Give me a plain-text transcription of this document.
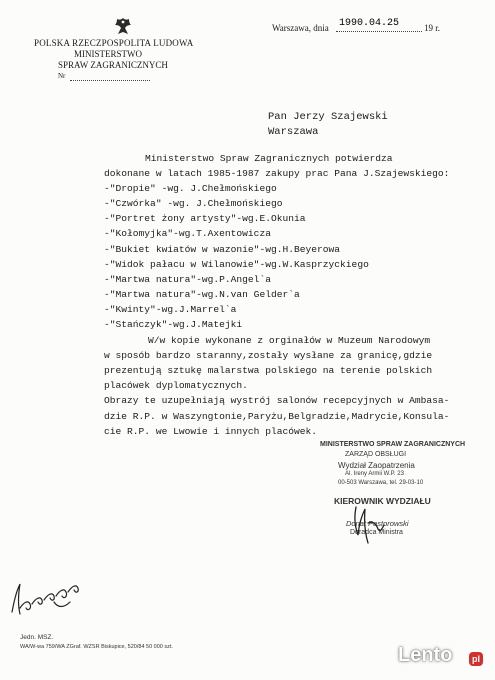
POLSKA RZECZPOSPOLITA LUDOWA
MINISTERSTWO
SPRAW ZAGRANICZNYCH
Nr
Warszawa, dnia 1990.04.25	19 r.
Pan Jerzy Szajewski
Warszawa
Ministerstwo Spraw Zagranicznych potwierdza
dokonane w latach 1985-1987 zakupy prac Pana J.Szajewskiego:
-"Dropie" -wg. J.Chełmońskiego
-"Czwórka" -wg. J.Chełmońskiego
-"Portret żony artysty"-wg.E.Okunia
-"Kołomyjka"-wg.T.Axentowicza
-"Bukiet kwiatów w wazonie"-wg.H.Beyerowa
-"Widok pałacu w Wilanowie"-wg.W.Kasprzyckiego
-"Martwa natura"-wg.P.Angel`a
-"Martwa natura"-wg.N.van Gelder`a
-"Kwinty"-wg.J.Marrel`a
-"Stańczyk"-wg.J.Matejki
W/w kopie wykonane z orginałów w Muzeum Narodowym
w sposób bardzo staranny,zostały wysłane za granicę,gdzie
prezentują sztukę malarstwa polskiego na terenie polskich
placówek dyplomatycznych.
Obrazy te uzupełniają wystrój salonów recepcyjnych w Ambasa-
dzie R.P. w Waszyngtonie,Paryżu,Belgradzie,Madrycie,Konsula-
cie R.P. we Lwowie i innych placówek.
MINISTERSTWO SPRAW ZAGRANICZNYCH
ZARZĄD OBSŁUGI
Wydział Zaopatrzenia
Al. Ireny Armii W.P. 23
00-503 Warszawa, tel. 29-03-10
KIEROWNIK WYDZIAŁU
Donat Pastorowski
Doradca Ministra
Jedn. MSZ.
WA/W-wa 759/WA ZGraf. WZSR Biskupice, 520/84 50 000 szt.	Lento	pl
